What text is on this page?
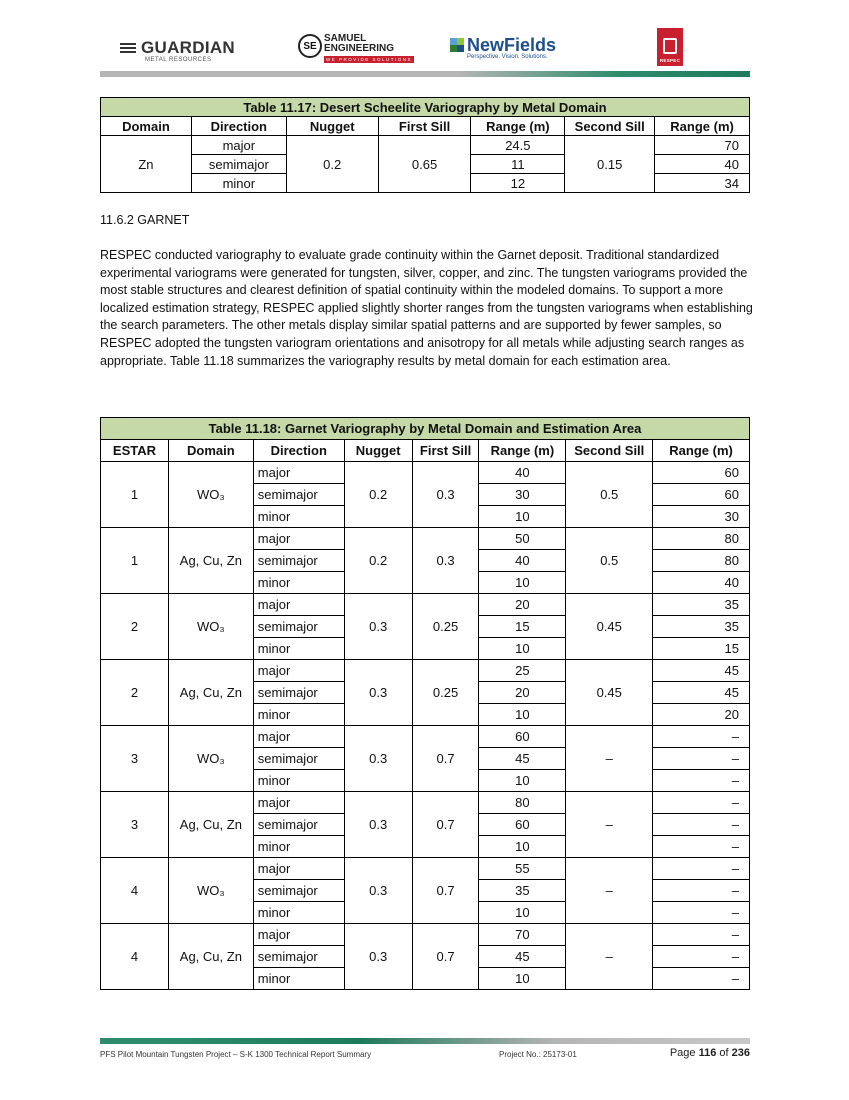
GUARDIAN
METAL RESOURCES
SE
SAMUEL
ENGINEERING
WE PROVIDE SOLUTIONS
NewFields
Perspective. Vision. Solutions.
RESPEC
Table 11.17: Desert Scheelite Variography by Metal Domain						
Domain	Direction	Nugget	First Sill	Range (m)	Second Sill	Range (m)
Zn	major	0.2	0.65	24.5	0.15	70
	semimajor			11		40
	minor			12		34
11.6.2 GARNET
RESPEC conducted variography to evaluate grade continuity within the Garnet deposit. Traditional standardized experimental variograms were generated for tungsten, silver, copper, and zinc. The tungsten variograms provided the most stable structures and clearest definition of spatial continuity within the modeled domains. To support a more localized estimation strategy, RESPEC applied slightly shorter ranges from the tungsten variograms when establishing the search parameters. The other metals display similar spatial patterns and are supported by fewer samples, so RESPEC adopted the tungsten variogram orientations and anisotropy for all metals while adjusting search ranges as appropriate. Table 11.18 summarizes the variography results by metal domain for each estimation area.
Table 11.18: Garnet Variography by Metal Domain and Estimation Area							
ESTAR	Domain	Direction	Nugget	First Sill	Range (m)	Second Sill	Range (m)
1	WO₃	major	0.2	0.3	40	0.5	60
		semimajor			30		60
		minor			10		30
1	Ag, Cu, Zn	major	0.2	0.3	50	0.5	80
		semimajor			40		80
		minor			10		40
2	WO₃	major	0.3	0.25	20	0.45	35
		semimajor			15		35
		minor			10		15
2	Ag, Cu, Zn	major	0.3	0.25	25	0.45	45
		semimajor			20		45
		minor			10		20
3	WO₃	major	0.3	0.7	60	–	–
		semimajor			45		–
		minor			10		–
3	Ag, Cu, Zn	major	0.3	0.7	80	–	–
		semimajor			60		–
		minor			10		–
4	WO₃	major	0.3	0.7	55	–	–
		semimajor			35		–
		minor			10		–
4	Ag, Cu, Zn	major	0.3	0.7	70	–	–
		semimajor			45		–
		minor			10		–
PFS Pilot Mountain Tungsten Project – S-K 1300 Technical Report Summary	Project No.: 25173-01	Page 116 of 236
